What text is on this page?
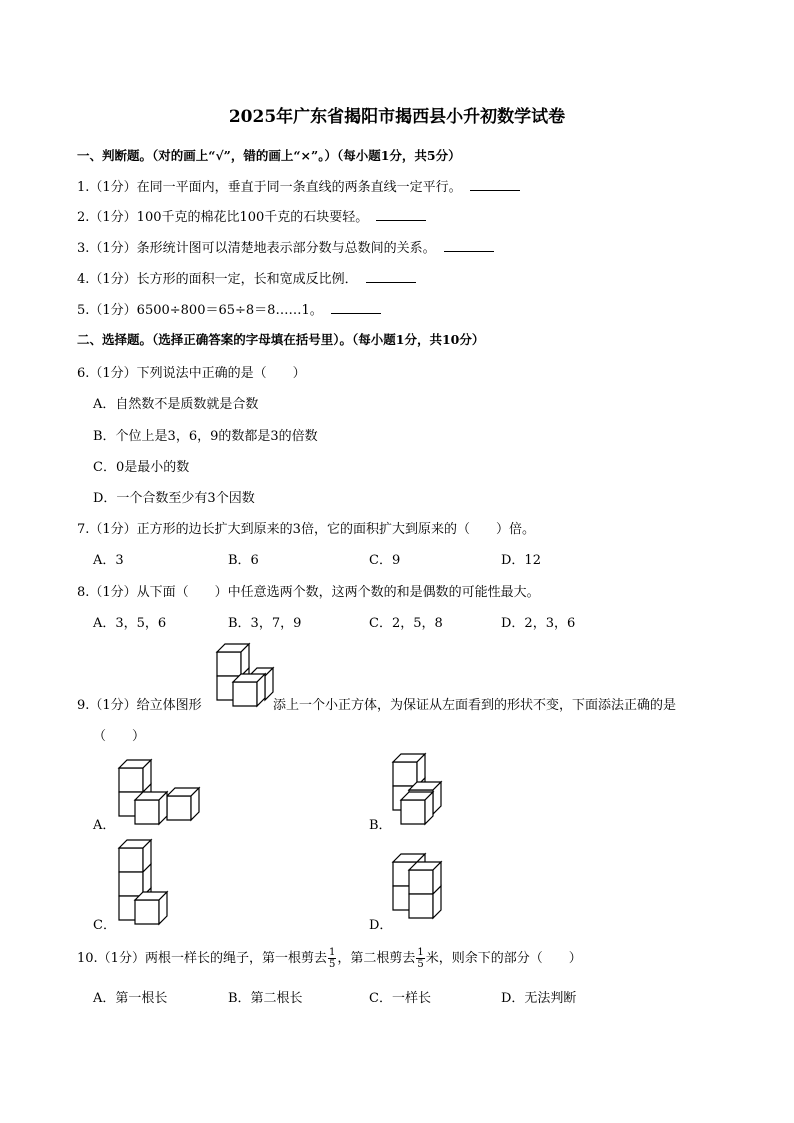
2025年广东省揭阳市揭西县小升初数学试卷
一、判断题。（对的画上“√”，错的画上“×”。）（每小题1分，共5分）
1.（1分）在同一平面内，垂直于同一条直线的两条直线一定平行。
2.（1分）100千克的棉花比100千克的石块要轻。
3.（1分）条形统计图可以清楚地表示部分数与总数间的关系。
4.（1分）长方形的面积一定，长和宽成反比例．
5.（1分）6500÷800＝65÷8＝8……1。
二、选择题。（选择正确答案的字母填在括号里）。（每小题1分，共10分）
6.（1分）下列说法中正确的是（　　）
A．自然数不是质数就是合数
B．个位上是3，6，9的数都是3的倍数
C．0是最小的数
D．一个合数至少有3个因数
7.（1分）正方形的边长扩大到原来的3倍，它的面积扩大到原来的（　　）倍。
A．3	B．6	C．9	D．12
8.（1分）从下面（　　）中任意选两个数，这两个数的和是偶数的可能性最大。
A．3，5，6	B．3，7，9	C．2，5，8	D．2，3，6
9.（1分）给立体图形	添上一个小正方体，为保证从左面看到的形状不变，下面添法正确的是
（　　）
A．	B．
C．	D．
10.（1分）两根一样长的绳子，第一根剪去 $\frac{1}{5}$ ，第二根剪去 $\frac{1}{5}$ 米，则余下的部分（　　）
A．第一根长	B．第二根长	C．一样长	D．无法判断
